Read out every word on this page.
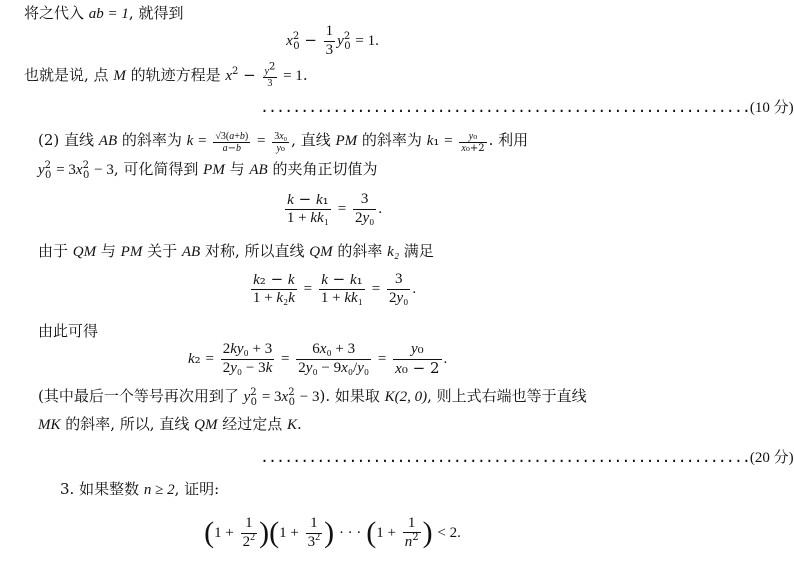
将之代入 ab = 1, 就得到
$x^2_0 - \frac{1}{3} y^2_0 = 1$.
也就是说, 点 M 的轨迹方程是 $x^2 - \frac{y^2}{3} = 1$.
.............................................................(10 分)
(2) 直线 AB 的斜率为 $k = \frac{√3(a+b)}{a-b} = \frac{\text{3x₀}}{\text{y₀}}$ , 直线 PM 的斜率为 $k_1 = \frac{\text{y₀}}{\text{x₀+2}}$ . 利用
$y^2_0 = 3x^2_0 - 3$, 可化简得到 PM 与 AB 的夹角正切值为
$\frac{\text{k − k₁}}{\text{1 + kk₁}} = \frac{3}{\text{2y₀}}$ .
由于 QM 与 PM 关于 AB 对称, 所以直线 QM 的斜率 k₂ 满足
$\frac{\text{k₂ − k}}{\text{1 + k₂k}} = \frac{\text{k − k₁}}{\text{1 + kk₁}} = \frac{3}{\text{2y₀}}$ .
由此可得
$k_2 = \frac{\text{2ky₀ + 3}}{\text{2y₀ − 3k}} = \frac{\text{6x₀ + 3}}{\text{2y₀ − 9x₀/y₀}} = \frac{\text{y₀}}{\text{x₀ − 2}}$ .
(其中最后一个等号再次用到了 $y^2_0 = 3x^2_0 - 3$). 如果取 K(2, 0), 则上式右端也等于直线
MK 的斜率, 所以, 直线 QM 经过定点 K.
.............................................................(20 分)
3. 如果整数 n ≥ 2, 证明:
$(1 + \frac{1}{2^2} )(1 + \frac{1}{3^2}$ ) · · · ($1 + \frac{1}{n^2}$ ) < 2.
